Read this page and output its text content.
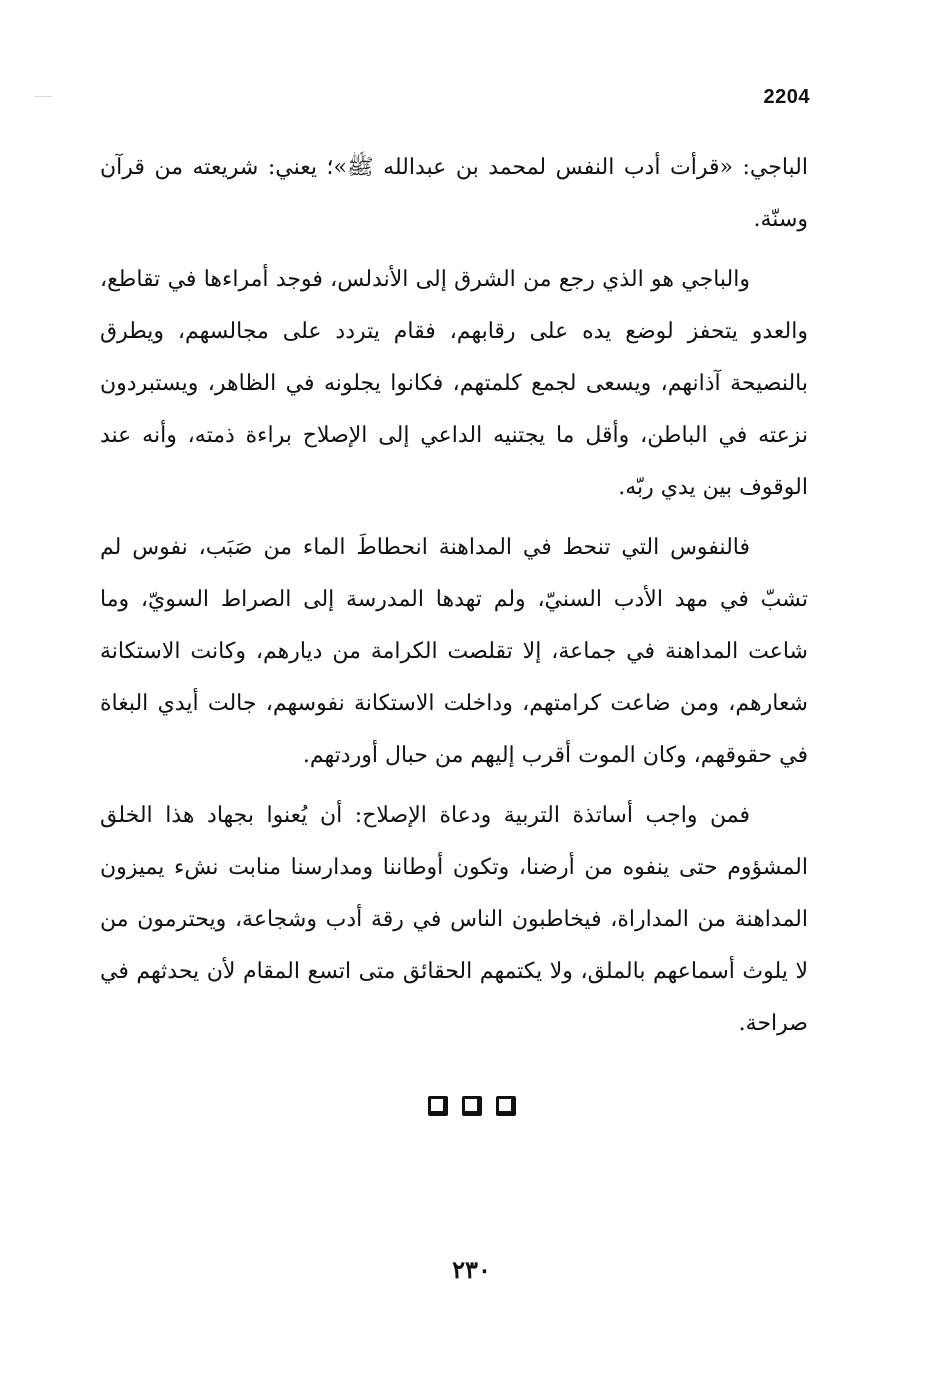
2204

الباجي: «قرأت أدب النفس لمحمد بن عبدالله ﷺ»؛ يعني: شريعته من قرآن وسنّة.

والباجي هو الذي رجع من الشرق إلى الأندلس، فوجد أمراءها في تقاطع، والعدو يتحفز لوضع يده على رقابهم، فقام يتردد على مجالسهم، ويطرق بالنصيحة آذانهم، ويسعى لجمع كلمتهم، فكانوا يجلونه في الظاهر، ويستبردون نزعته في الباطن، وأقل ما يجتنيه الداعي إلى الإصلاح براءة ذمته، وأنه عند الوقوف بين يدي ربّه.

فالنفوس التي تنحط في المداهنة انحطاطَ الماء من صَبَب، نفوس لم تشبّ في مهد الأدب السنيّ، ولم تهدها المدرسة إلى الصراط السويّ، وما شاعت المداهنة في جماعة، إلا تقلصت الكرامة من ديارهم، وكانت الاستكانة شعارهم، ومن ضاعت كرامتهم، وداخلت الاستكانة نفوسهم، جالت أيدي البغاة في حقوقهم، وكان الموت أقرب إليهم من حبال أوردتهم.

فمن واجب أساتذة التربية ودعاة الإصلاح: أن يُعنوا بجهاد هذا الخلق المشؤوم حتى ينفوه من أرضنا، وتكون أوطاننا ومدارسنا منابت نشء يميزون المداهنة من المداراة، فيخاطبون الناس في رقة أدب وشجاعة، ويحترمون من لا يلوث أسماعهم بالملق، ولا يكتمهم الحقائق متى اتسع المقام لأن يحدثهم في صراحة.

٢٣٠
